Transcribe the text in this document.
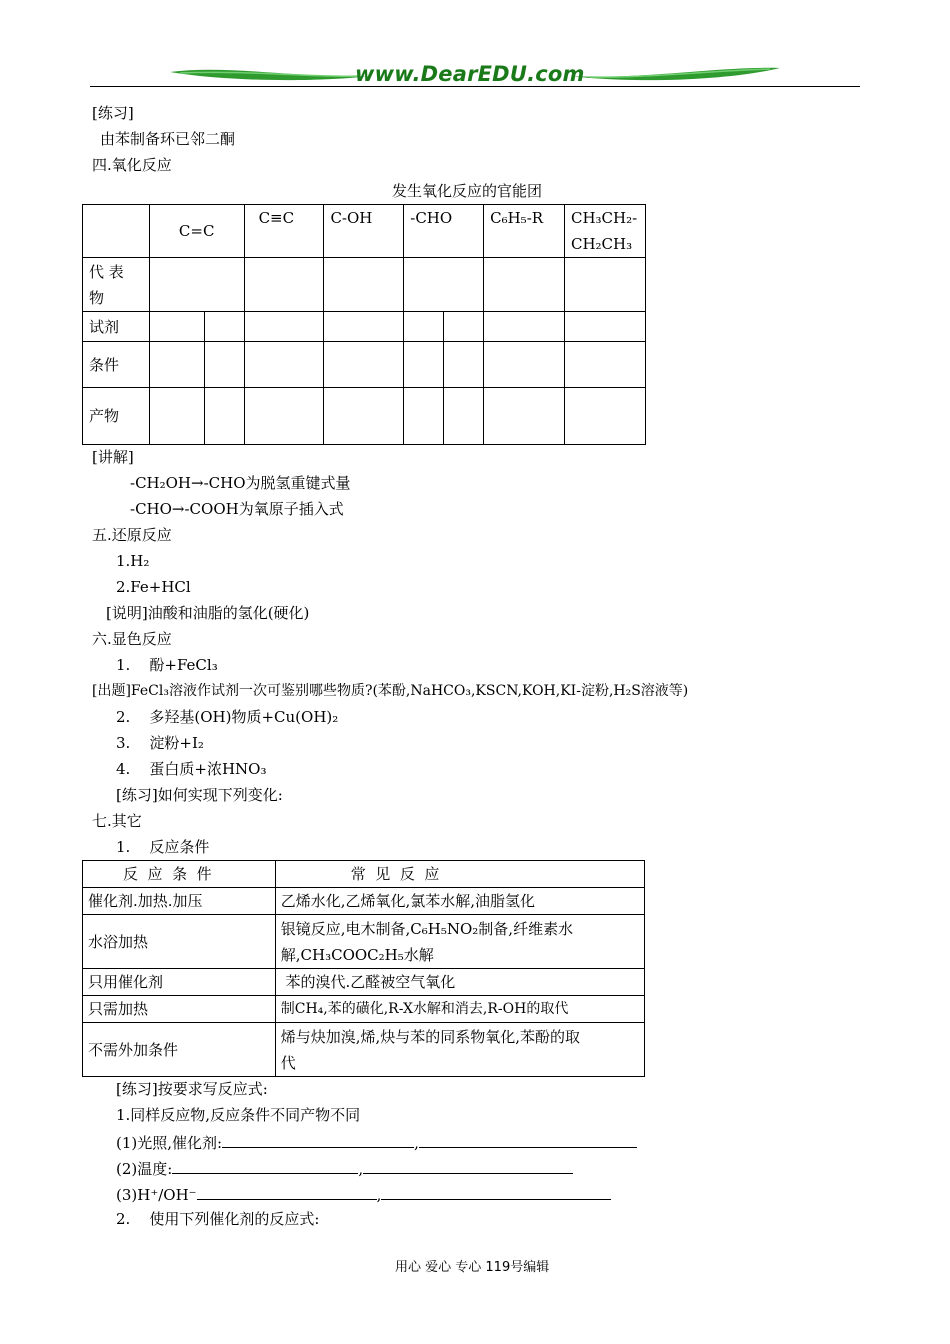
www.DearEDU.com
[练习]
由苯制备环已邻二酮
四.氧化反应
发生氧化反应的官能团
	C=C		C≡C	C-OH	-CHO		C₆H₅-R	CH₃CH₂-
CH₂CH₃

代 表
物								

试剂								
条件								
产物								
[讲解]
-CH₂OH→-CHO为脱氢重键式量
-CHO→-COOH为氧原子插入式
五.还原反应
1.H₂
2.Fe+HCl
[说明]油酸和油脂的氢化(硬化)
六.显色反应
1.    酚+FeCl₃
[出题]FeCl₃溶液作试剂一次可鉴别哪些物质?(苯酚,NaHCO₃,KSCN,KOH,KI-淀粉,H₂S溶液等)
2.    多羟基(OH)物质+Cu(OH)₂
3.    淀粉+I₂
4.    蛋白质+浓HNO₃
[练习]如何实现下列变化:
七.其它
1.    反应条件
反  应  条  件	常  见  反  应
催化剂.加热.加压	乙烯水化,乙烯氧化,氯苯水解,油脂氢化
水浴加热	银镜反应,电木制备,C₆H₅NO₂制备,纤维素水
解,CH₃COOC₂H₅水解

只用催化剂	苯的溴代.乙醛被空气氧化
只需加热	制CH₄,苯的磺化,R-X水解和消去,R-OH的取代
不需外加条件	烯与炔加溴,烯,炔与苯的同系物氧化,苯酚的取
代
[练习]按要求写反应式:
1.同样反应物,反应条件不同产物不同
(1)光照,催化剂:	,
(2)温度:	,
(3)H⁺/OH⁻	,
2.    使用下列催化剂的反应式:
用心 爱心 专心 119号编辑
